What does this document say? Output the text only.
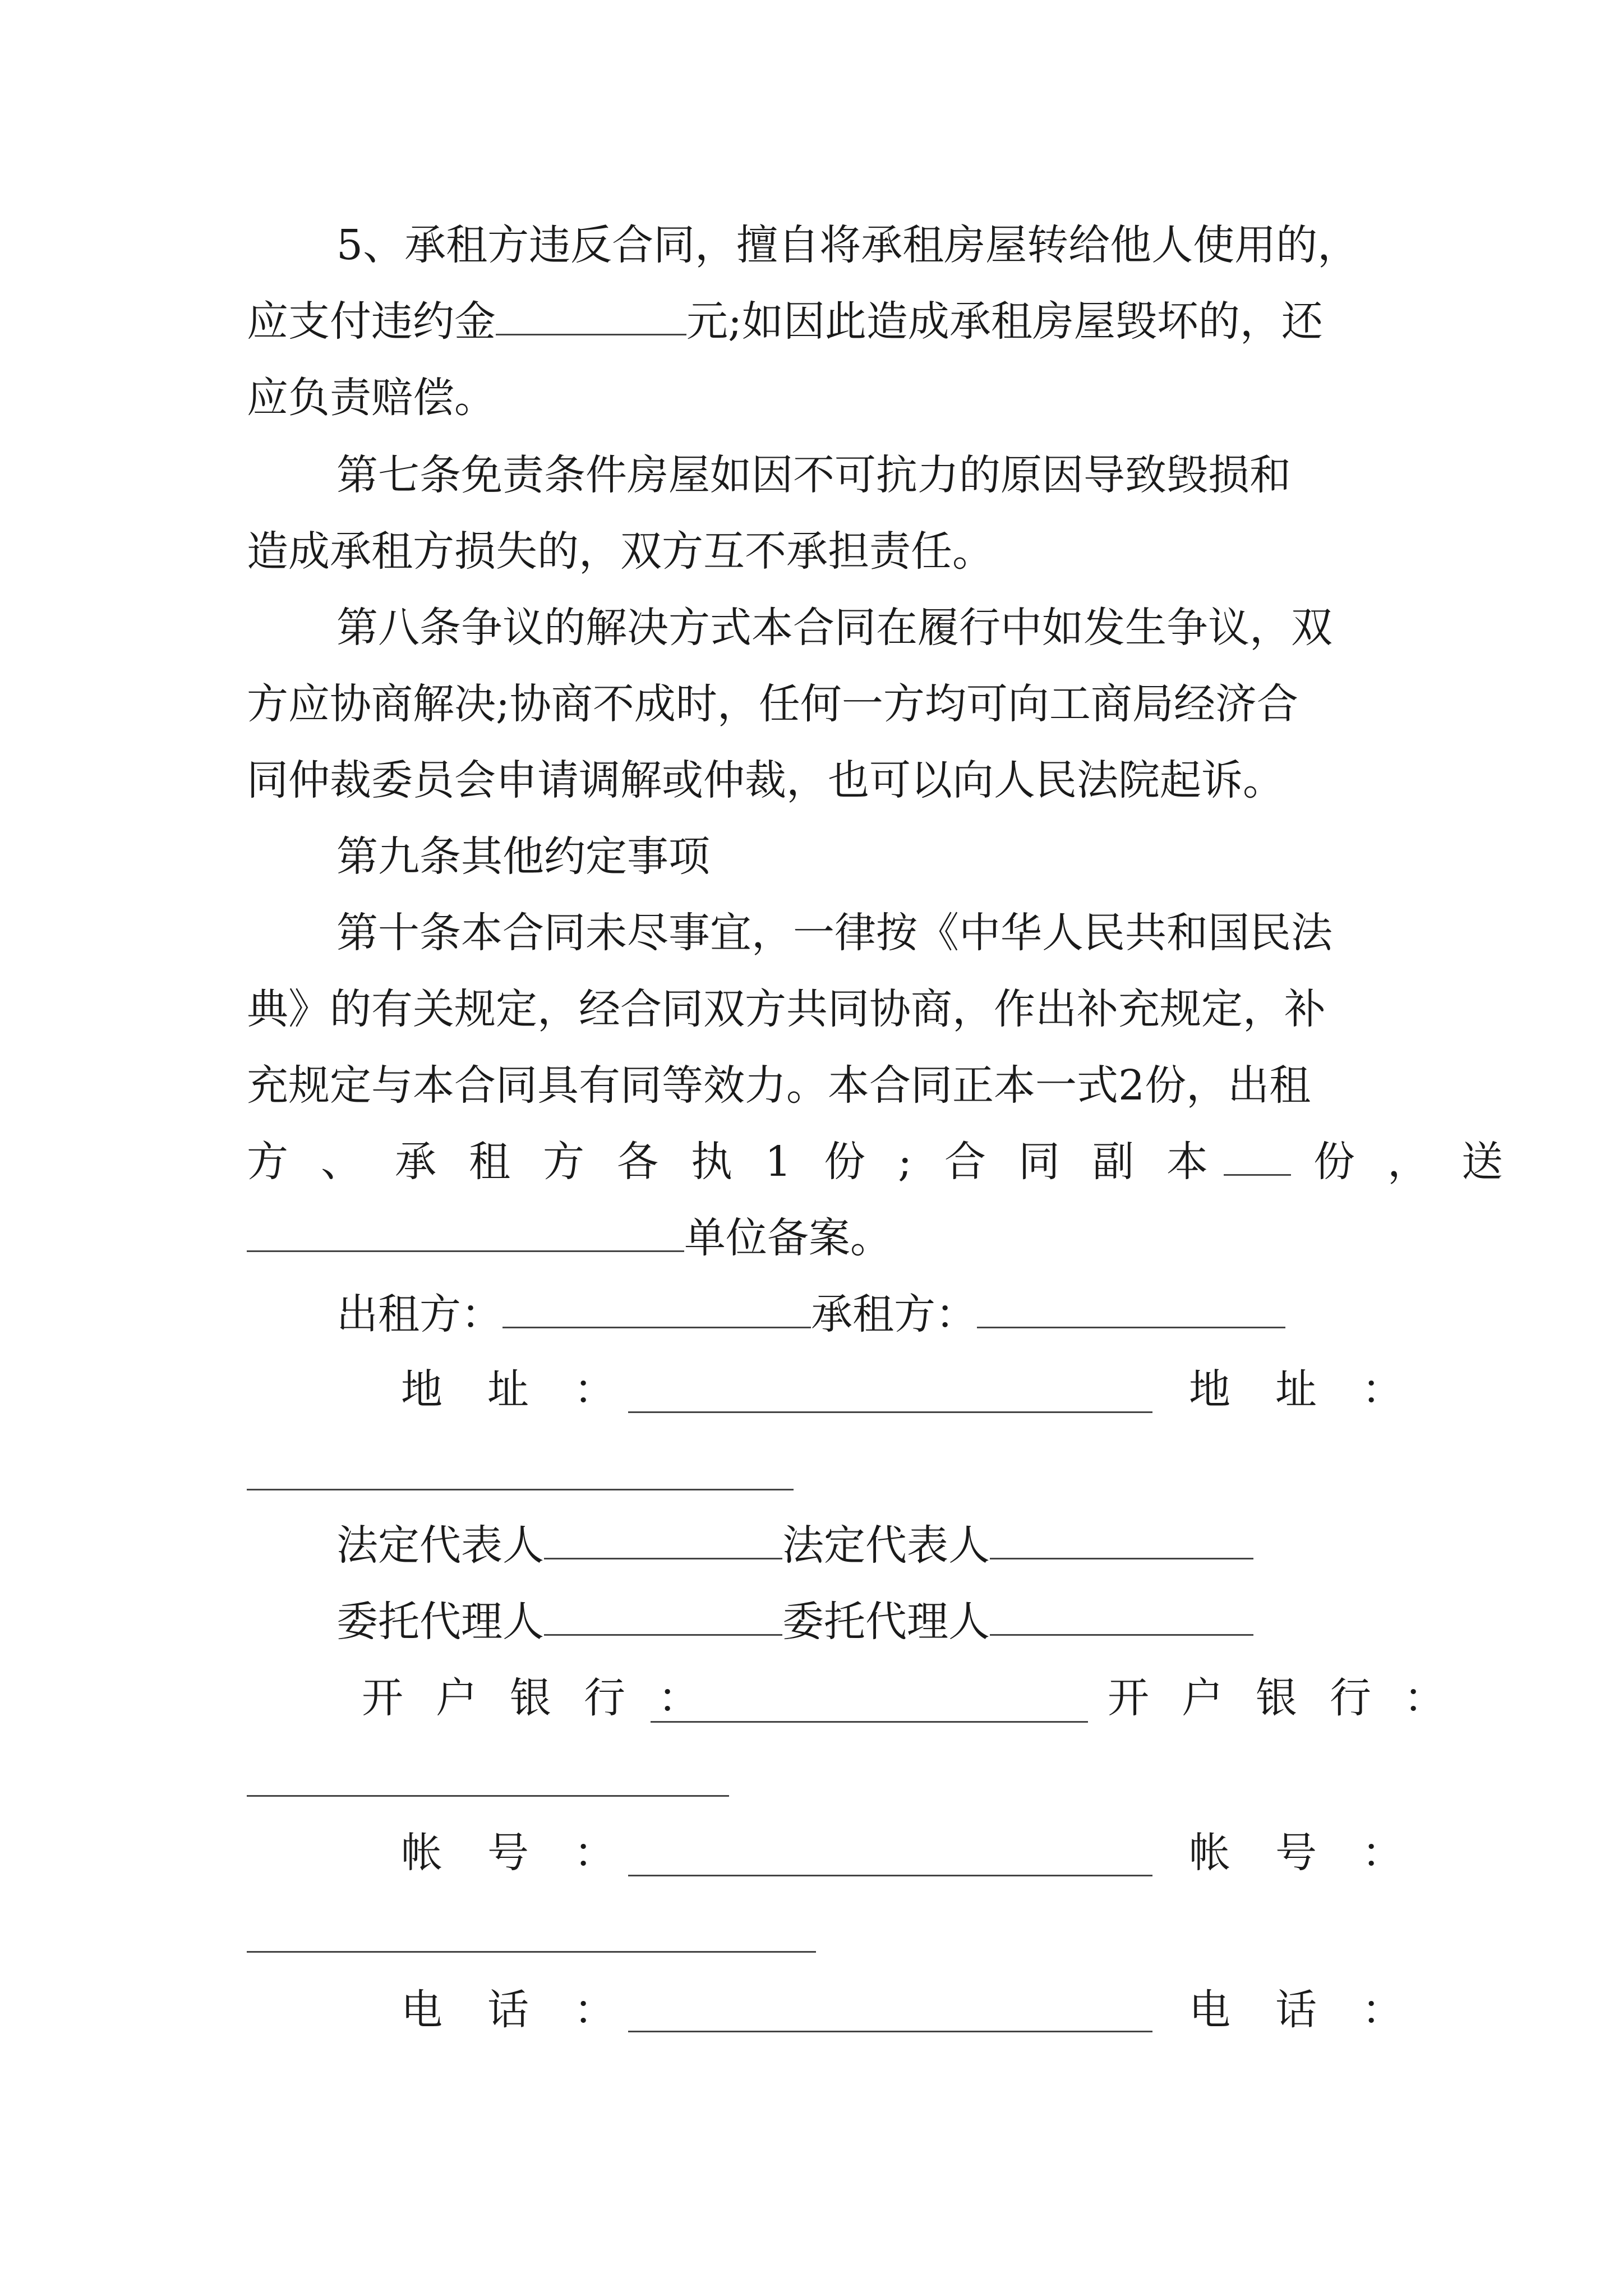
5、承租方违反合同，擅自将承租房屋转给他人使用的，
应支付违约金	元;如因此造成承租房屋毁坏的，还
应负责赔偿。
第七条免责条件房屋如因不可抗力的原因导致毁损和
造成承租方损失的，双方互不承担责任。
第八条争议的解决方式本合同在履行中如发生争议，双
方应协商解决;协商不成时，任何一方均可向工商局经济合
同仲裁委员会申请调解或仲裁，也可以向人民法院起诉。
第九条其他约定事项
第十条本合同未尽事宜，一律按《中华人民共和国民法
典》的有关规定，经合同双方共同协商，作出补充规定，补
充规定与本合同具有同等效力。本合同正本一式2份，出租
方、承租方各执1份;合同副本 份，送
单位备案。
出租方：	承租方：
地址：	地址：
法定代表人	法定代表人
委托代理人	委托代理人
开户银行：	开户银行：
帐号：	帐号：
电话：	电话：
